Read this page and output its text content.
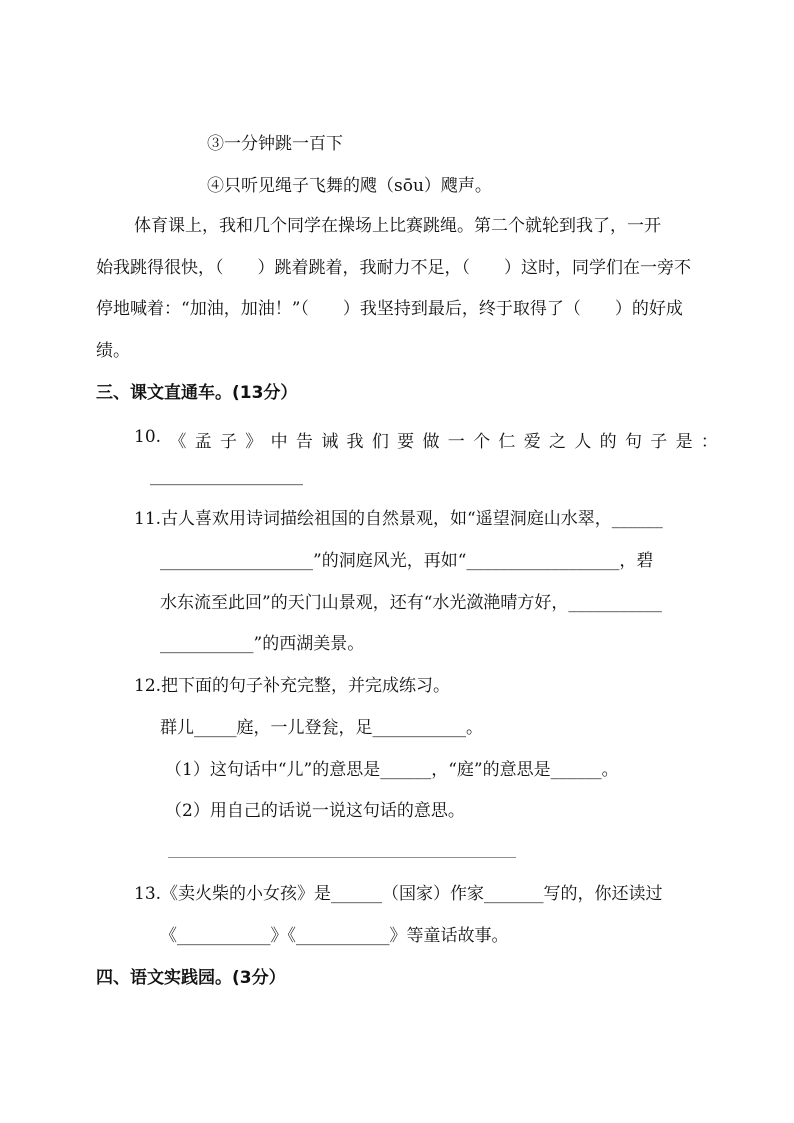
③一分钟跳一百下
④只听见绳子飞舞的飕（sōu）飕声。
体育课上，我和几个同学在操场上比赛跳绳。第二个就轮到我了，一开
始我跳得很快，（　　）跳着跳着，我耐力不足，（　　）这时，同学们在一旁不
停地喊着：“加油，加油！”（　　）我坚持到最后，终于取得了（　　）的好成
绩。
三、课文直通车。(13分）
10. 《 孟 子 》 中 告 诫 我 们 要 做 一 个 仁 爱 之 人 的 句 子 是 ：
__________________
11.古人喜欢用诗词描绘祖国的自然景观，如“遥望洞庭山水翠，______
__________________”的洞庭风光，再如“__________________，碧
水东流至此回”的天门山景观，还有“水光潋滟晴方好，___________
___________”的西湖美景。
12.把下面的句子补充完整，并完成练习。
群儿_____庭，一儿登瓮，足___________。
（1）这句话中“儿”的意思是______，“庭”的意思是______。
（2）用自己的话说一说这句话的意思。
__________________________________________________________
13.《卖火柴的小女孩》是______（国家）作家_______写的，你还读过
《___________》《___________》等童话故事。
四、语文实践园。(3分）
